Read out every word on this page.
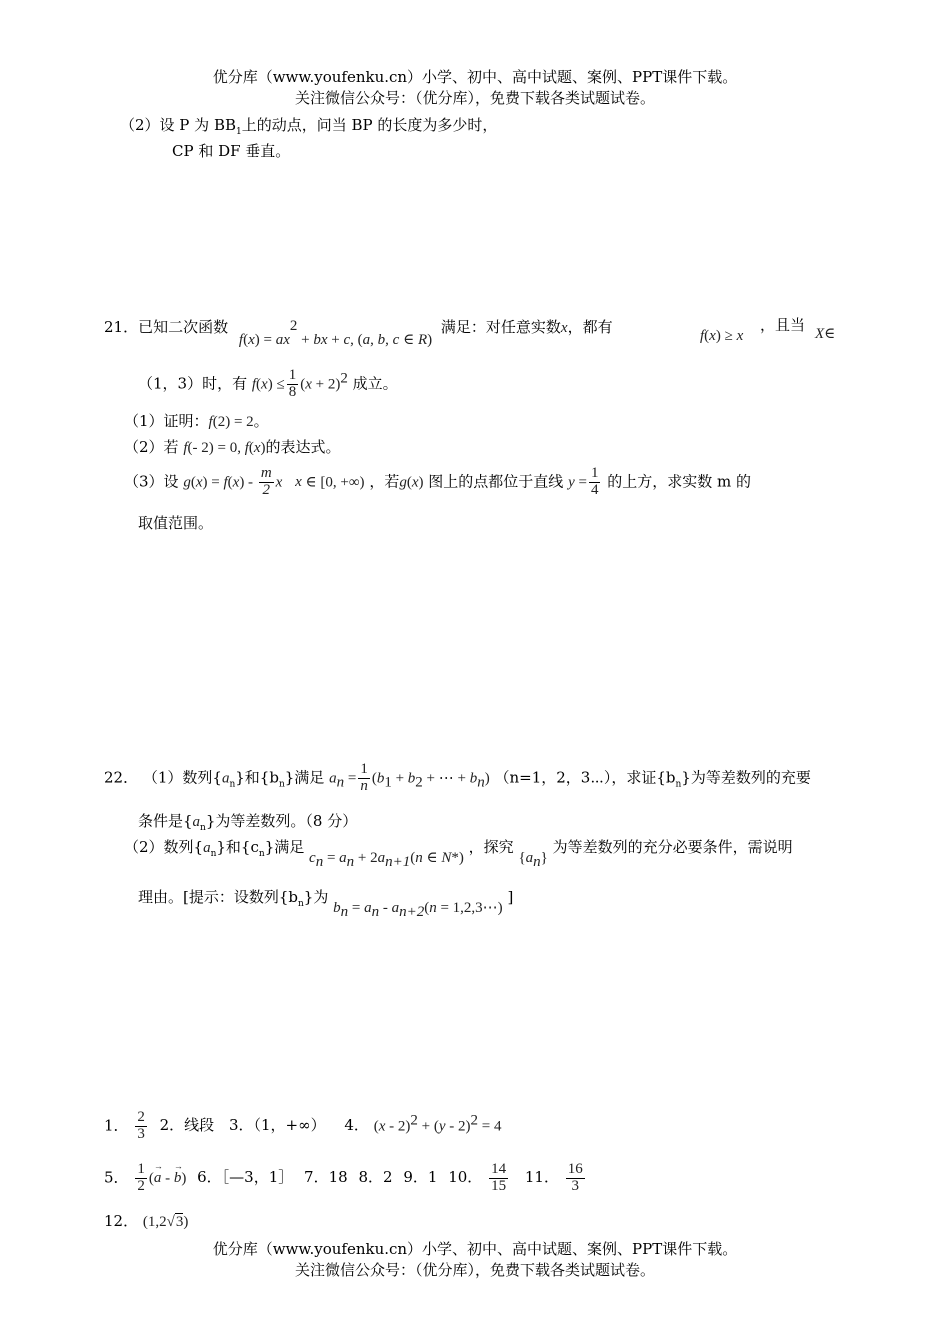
优分库（www.youfenku.cn）小学、初中、高中试题、案例、PPT课件下载。
关注微信公众号：（优分库），免费下载各类试题试卷。
（2）设 P 为 $BB_1$上的动点，问当 BP 的长度为多少时，
CP 和 DF 垂直。
21．已知二次函数 $f(x) = ax^2$ + bx + c, (a, b, c ∈ R) 满足：对任意实数x，都有	f(x) ≥ x
，且当 X∈
（1，3）时，有 $f(x) \le \frac{1}{8} (x + 2)^2$ 成立。
（1）证明：f(2) = 2。
（2）若 f(- 2) = 0, f(x)的表达式。
（3）设 $g(x) = f(x) - \frac{m}{2}$ x x ∈ [0, +∞) ，若g(x) 图上的点都位于直线 $y = \frac{1}{4}$ 的上方，求实数 m 的
取值范围。
22． （1）数列$\{a_n\}$和$\{b_n\}$满足 $a_n = \frac{1}{n} (b_1 + b_2$ + ⋯ + $b_n$) （n=1，2，3⋯），求证$\{b_n\}$为等差数列的充要
条件是$\{a_n\}$为等差数列。（8 分）
（2）数列$\{a_n\}$和$\{c_n\}$满足 $c_n = a_n + 2a_{n+1}(n$ ∈ N*) ，探究 $\{a_n\}$ 为等差数列的充分必要条件，需说明
理由。[提示：设数列$\{b_n\}$为 $b_n = a_n - a_{n+2}(n$ = 1,2,3⋯) ]
1． $\frac{2}{3} 2$．线段 3．（1，+∞） 4． (x - 2)$^2$ + (y - 2)$^2$ = 4
5． $\frac{1}{2}$ (→ a - → b) 6．［—3，1］ 7．18 8．2 9．1 10． $\frac{14}{15} 11$． $\frac{16}{3}$
12． (1,2√3)
优分库（www.youfenku.cn）小学、初中、高中试题、案例、PPT课件下载。
关注微信公众号：（优分库），免费下载各类试题试卷。
